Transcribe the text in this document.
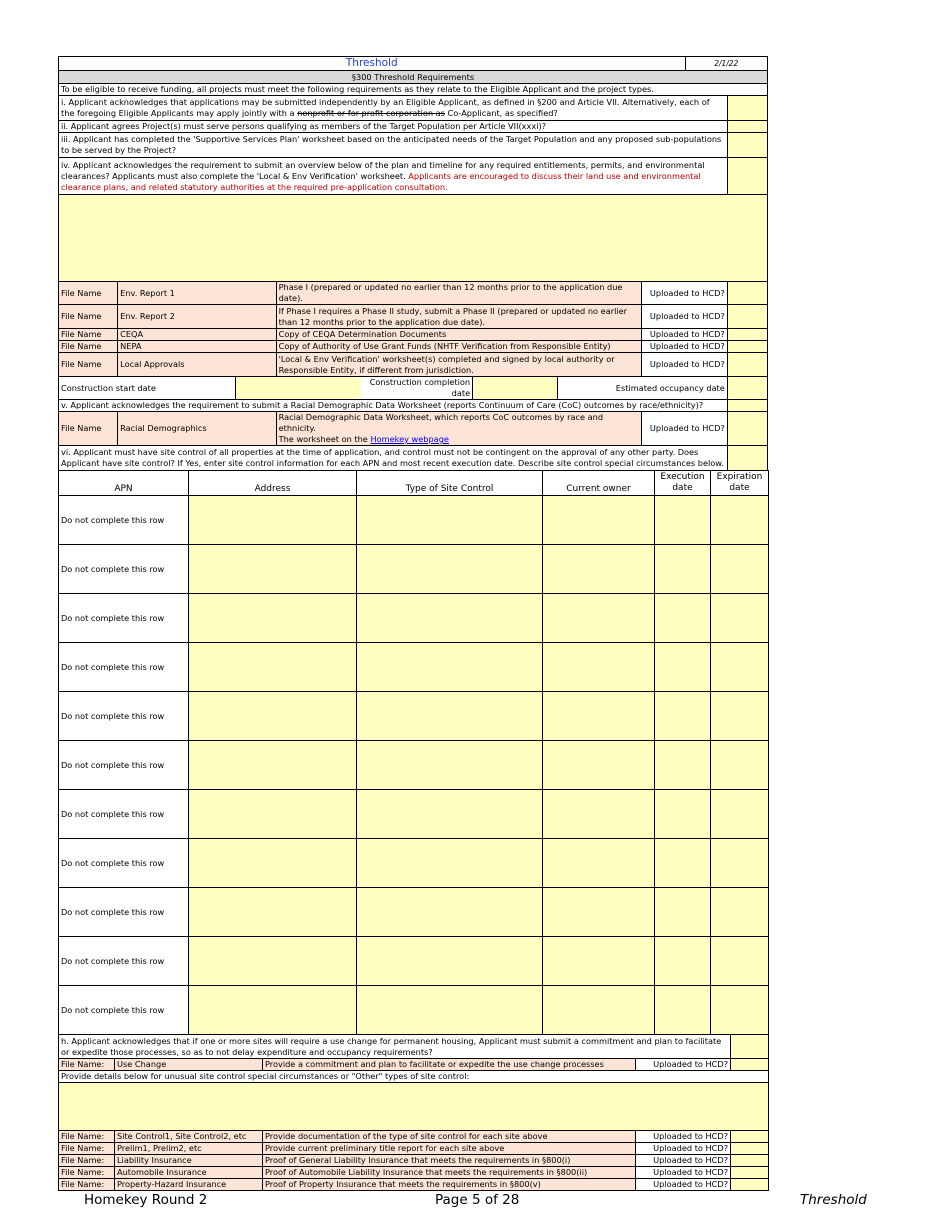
Threshold								2/1/22	
§300 Threshold Requirements									
To be eligible to receive funding, all projects must meet the following requirements as they relate to the Eligible Applicant and the project types.									
i. Applicant acknowledges that applications may be submitted independently by an Eligible Applicant, as defined in §200 and Article VII. Alternatively, each of the foregoing Eligible Applicants may apply jointly with a nonprofit or for-profit corporation as Co-Applicant, as specified?									
ii. Applicant agrees Project(s) must serve persons qualifying as members of the Target Population per Article VII(xxxi)?									
iii. Applicant has completed the 'Supportive Services Plan' worksheet based on the anticipated needs of the Target Population and any proposed sub-populations to be served by the Project?									
iv. Applicant acknowledges the requirement to submit an overview below of the plan and timeline for any required entitlements, permits, and environmental clearances? Applicants must also complete the 'Local & Env Verification' worksheet. Applicants are encouraged to discuss their land use and environmental clearance plans, and related statutory authorities at the required pre-application consultation.									

File Name	Env. Report 1		Phase I (prepared or updated no earlier than 12 months prior to the application due date).				Uploaded to HCD?		
File Name	Env. Report 2		If Phase I requires a Phase II study, submit a Phase II (prepared or updated no earlier than 12 months prior to the application due date).				Uploaded to HCD?		
File Name	CEQA		Copy of CEQA Determination Documents				Uploaded to HCD?		
File Name	NEPA		Copy of Authority of Use Grant Funds (NHTF Verification from Responsible Entity)				Uploaded to HCD?		
File Name	Local Approvals		'Local & Env Verification' worksheet(s) completed and signed by local authority or Responsible Entity, if different from jurisdiction.				Uploaded to HCD?		
Construction start date				Construction completion date		Estimated occupancy date			
v. Applicant acknowledges the requirement to submit a Racial Demographic Data Worksheet (reports Continuum of Care (CoC) outcomes by race/ethnicity)?									
File Name	Racial Demographics		Racial Demographic Data Worksheet, which reports CoC outcomes by race and ethnicity.
The worksheet on the Homekey webpage				Uploaded to HCD?		
vi. Applicant must have site control of all properties at the time of application, and control must not be contingent on the approval of any other party. Does Applicant have site control? If Yes, enter site control information for each APN and most recent execution date. Describe site control special circumstances below.									
APN	Address	Type of Site Control	Current owner	Execution date	Expiration date
Do not complete this row					
Do not complete this row					
Do not complete this row					
Do not complete this row					
Do not complete this row					
Do not complete this row					
Do not complete this row					
Do not complete this row					
Do not complete this row					
Do not complete this row					
Do not complete this row					
h. Applicant acknowledges that if one or more sites will require a use change for permanent housing, Applicant must submit a commitment and plan to facilitate or expedite those processes, so as to not delay expenditure and occupancy requirements?				
File Name:	Use Change	Provide a commitment and plan to facilitate or expedite the use change processes	Uploaded to HCD?	
Provide details below for unusual site control special circumstances or "Other" types of site control:				

File Name:	Site Control1, Site Control2, etc	Provide documentation of the type of site control for each site above	Uploaded to HCD?	
File Name:	Prelim1, Prelim2, etc	Provide current preliminary title report for each site above	Uploaded to HCD?	
File Name:	Liability Insurance	Proof of General Liability Insurance that meets the requirements in §800(i)	Uploaded to HCD?	
File Name:	Automobile Insurance	Proof of Automobile Liability Insurance that meets the requirements in §800(ii)	Uploaded to HCD?	
File Name:	Property-Hazard Insurance	Proof of Property Insurance that meets the requirements in §800(v)	Uploaded to HCD?	
Homekey Round 2	Page 5 of 28	Threshold
